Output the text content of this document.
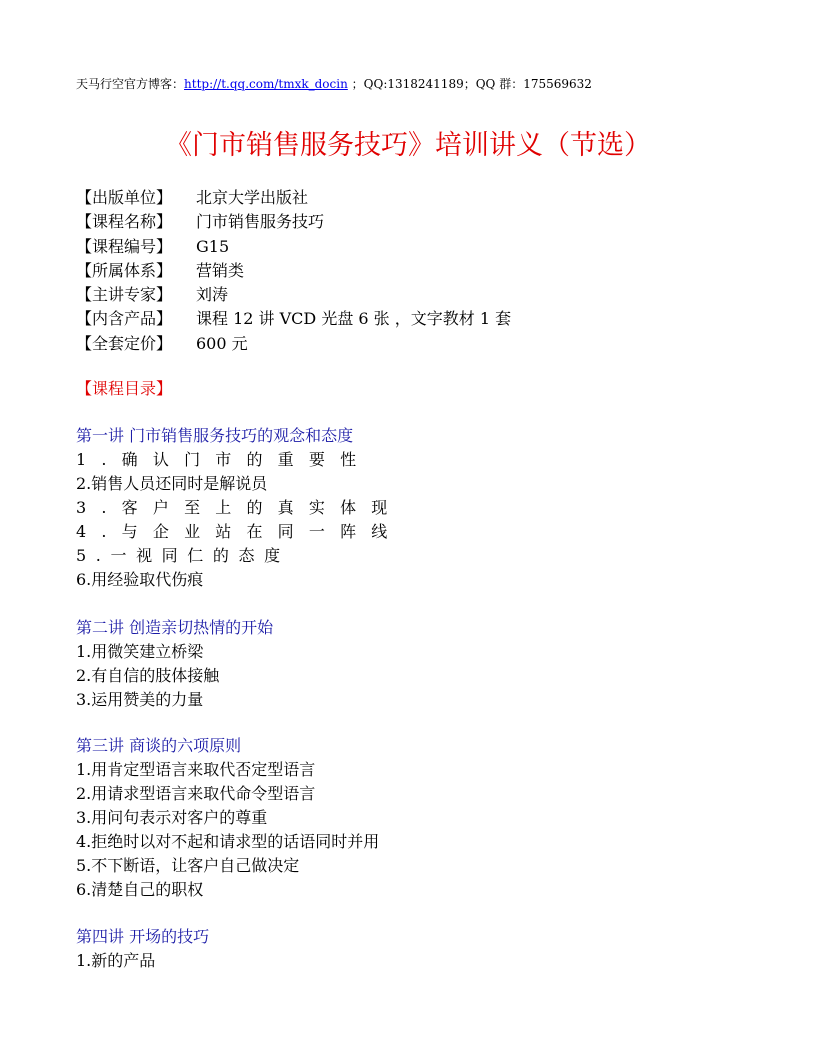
天马行空官方博客：http://t.qq.com/tmxk_docin ；QQ:1318241189；QQ 群：175569632
《门市销售服务技巧》培训讲义（节选）
【出版单位】 北京大学出版社
【课程名称】 门市销售服务技巧
【课程编号】 G15
【所属体系】 营销类
【主讲专家】 刘涛
【内含产品】 课程 12 讲 VCD 光盘 6 张 ，文字教材 1 套
【全套定价】 600 元
【课程目录】
第一讲 门市销售服务技巧的观念和态度
1.确认门市的重要性
2.销售人员还同时是解说员
3.客户至上的真实体现
4.与企业站在同一阵线
5.一视同仁的态度
6.用经验取代伤痕
第二讲 创造亲切热情的开始
1.用微笑建立桥梁
2.有自信的肢体接触
3.运用赞美的力量
第三讲 商谈的六项原则
1.用肯定型语言来取代否定型语言
2.用请求型语言来取代命令型语言
3.用问句表示对客户的尊重
4.拒绝时以对不起和请求型的话语同时并用
5.不下断语，让客户自己做决定
6.清楚自己的职权
第四讲 开场的技巧
1.新的产品
